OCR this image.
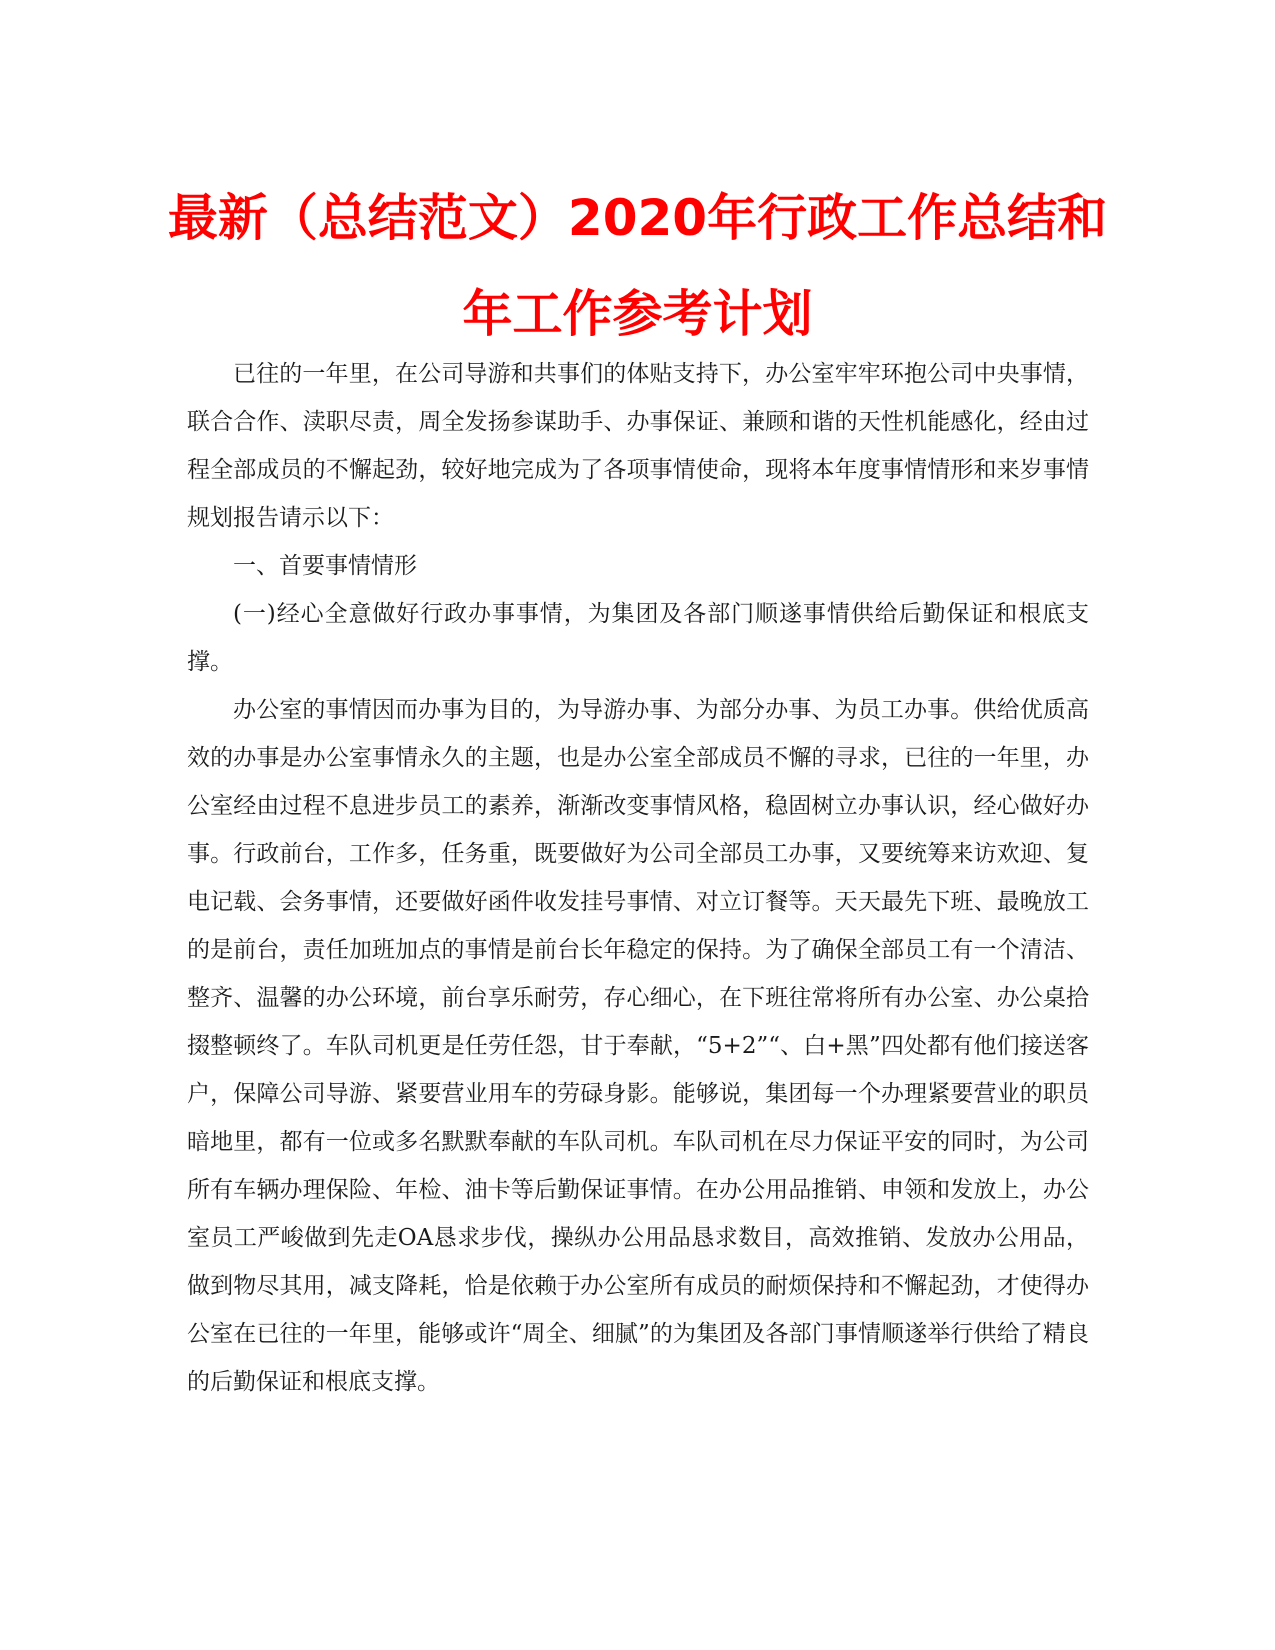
最新（总结范文）2020年行政工作总结和
年工作参考计划

已往的一年里，在公司导游和共事们的体贴支持下，办公室牢牢环抱公司中央事情，联合合作、渎职尽责，周全发扬参谋助手、办事保证、兼顾和谐的天性机能感化，经由过程全部成员的不懈起劲，较好地完成为了各项事情使命，现将本年度事情情形和来岁事情规划报告请示以下：

一、首要事情情形

(一)经心全意做好行政办事事情，为集团及各部门顺遂事情供给后勤保证和根底支撑。

办公室的事情因而办事为目的，为导游办事、为部分办事、为员工办事。供给优质高效的办事是办公室事情永久的主题，也是办公室全部成员不懈的寻求，已往的一年里，办公室经由过程不息进步员工的素养，渐渐改变事情风格，稳固树立办事认识，经心做好办事。行政前台，工作多，任务重，既要做好为公司全部员工办事，又要统筹来访欢迎、复电记载、会务事情，还要做好函件收发挂号事情、对立订餐等。天天最先下班、最晚放工的是前台，责任加班加点的事情是前台长年稳定的保持。为了确保全部员工有一个清洁、整齐、温馨的办公环境，前台享乐耐劳，存心细心，在下班往常将所有办公室、办公桌拾掇整顿终了。车队司机更是任劳任怨，甘于奉献，“5+2”“、白+黑”四处都有他们接送客户，保障公司导游、紧要营业用车的劳碌身影。能够说，集团每一个办理紧要营业的职员暗地里，都有一位或多名默默奉献的车队司机。车队司机在尽力保证平安的同时，为公司所有车辆办理保险、年检、油卡等后勤保证事情。在办公用品推销、申领和发放上，办公室员工严峻做到先走OA恳求步伐，操纵办公用品恳求数目，高效推销、发放办公用品，做到物尽其用，减支降耗，恰是依赖于办公室所有成员的耐烦保持和不懈起劲，才使得办公室在已往的一年里，能够或许“周全、细腻”的为集团及各部门事情顺遂举行供给了精良的后勤保证和根底支撑。
